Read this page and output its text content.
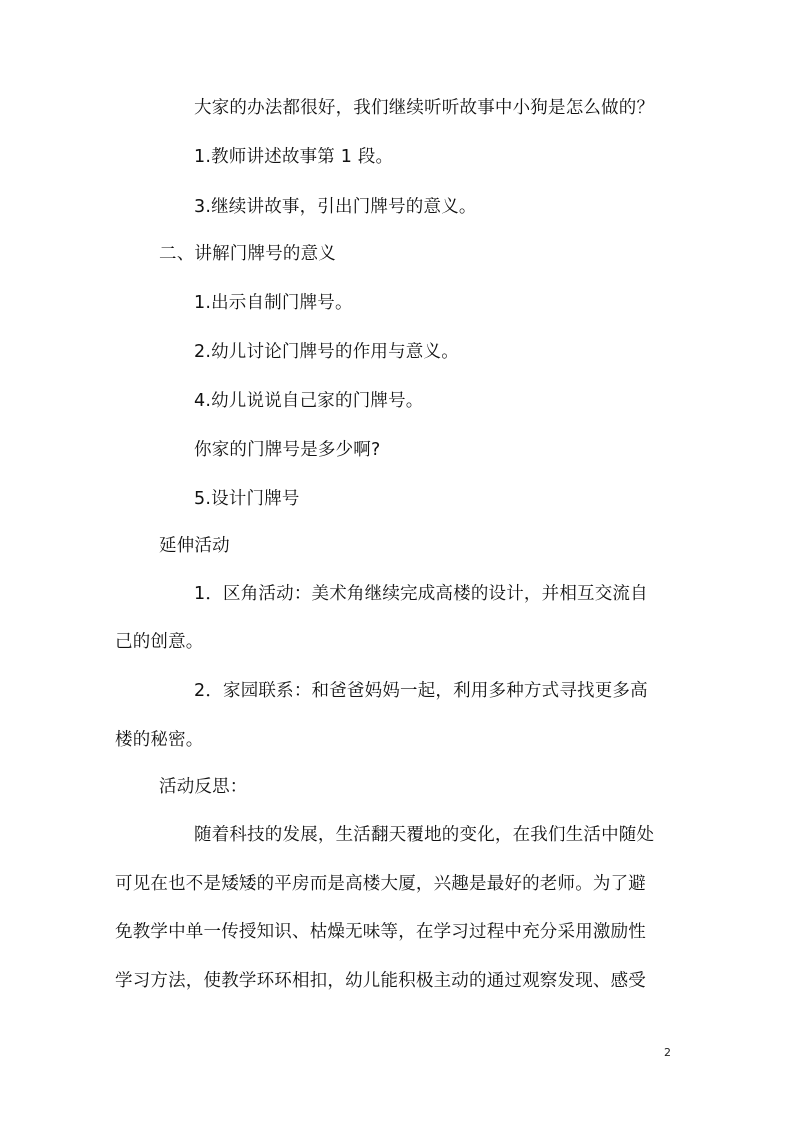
大家的办法都很好，我们继续听听故事中小狗是怎么做的？

1.教师讲述故事第 1 段。

3.继续讲故事，引出门牌号的意义。

二、讲解门牌号的意义

1.出示自制门牌号。

2.幼儿讨论门牌号的作用与意义。

4.幼儿说说自己家的门牌号。

你家的门牌号是多少啊?

5.设计门牌号

延伸活动

1．区角活动：美术角继续完成高楼的设计，并相互交流自

己的创意。

2．家园联系：和爸爸妈妈一起，利用多种方式寻找更多高

楼的秘密。

活动反思：

随着科技的发展，生活翻天覆地的变化，在我们生活中随处

可见在也不是矮矮的平房而是高楼大厦，兴趣是最好的老师。为了避

免教学中单一传授知识、枯燥无味等，在学习过程中充分采用激励性

学习方法，使教学环环相扣，幼儿能积极主动的通过观察发现、感受

2
